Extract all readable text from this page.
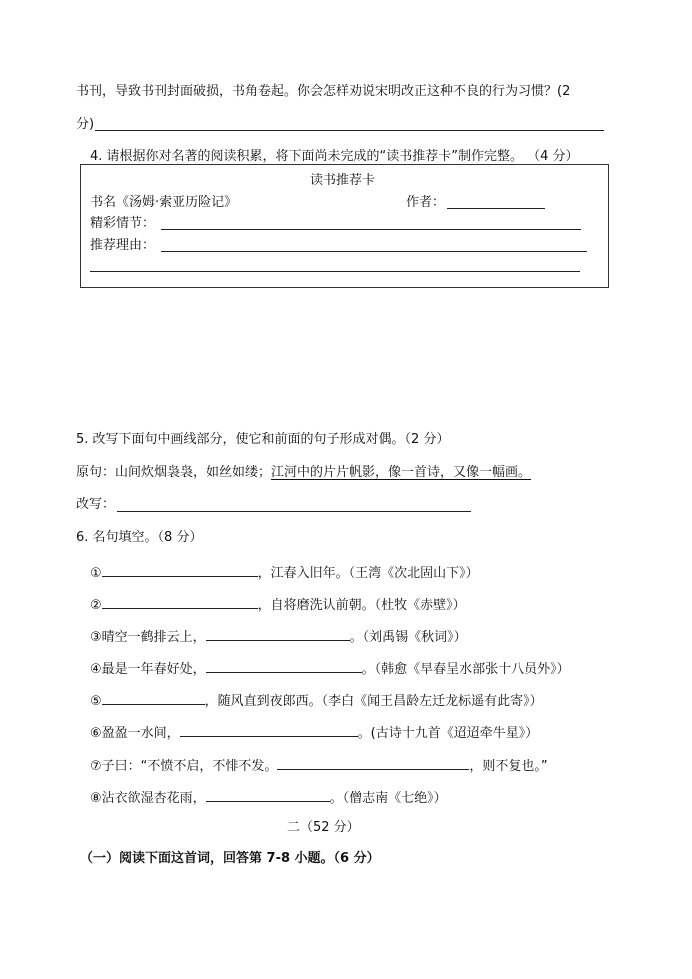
书刊，导致书刊封面破损，书角卷起。你会怎样劝说宋明改正这种不良的行为习惯？(2
分)
4. 请根据你对名著的阅读积累，将下面尚未完成的“读书推荐卡”制作完整。 （4 分）
读书推荐卡
书名《汤姆·索亚历险记》	作者：
精彩情节：
推荐理由：
5. 改写下面句中画线部分，使它和前面的句子形成对偶。（2 分）
原句：山间炊烟袅袅，如丝如缕；江河中的片片帆影，像一首诗，又像一幅画。
改写：
6. 名句填空。（8 分）
①	，江春入旧年。（王湾《次北固山下》）
②	，自将磨洗认前朝。（杜牧《赤壁》）
③晴空一鹤排云上，	。（刘禹锡《秋词》）
④最是一年春好处，	。（韩愈《早春呈水部张十八员外》）
⑤	，随风直到夜郎西。（李白《闻王昌龄左迁龙标遥有此寄》）
⑥盈盈一水间，	。(古诗十九首《迢迢牵牛星》）
⑦子曰：“不愤不启，不悱不发。	，则不复也。”
⑧沾衣欲湿杏花雨，	。（僧志南《七绝》）
二（52 分）
（一）阅读下面这首词，回答第 7-8 小题。（6 分）
